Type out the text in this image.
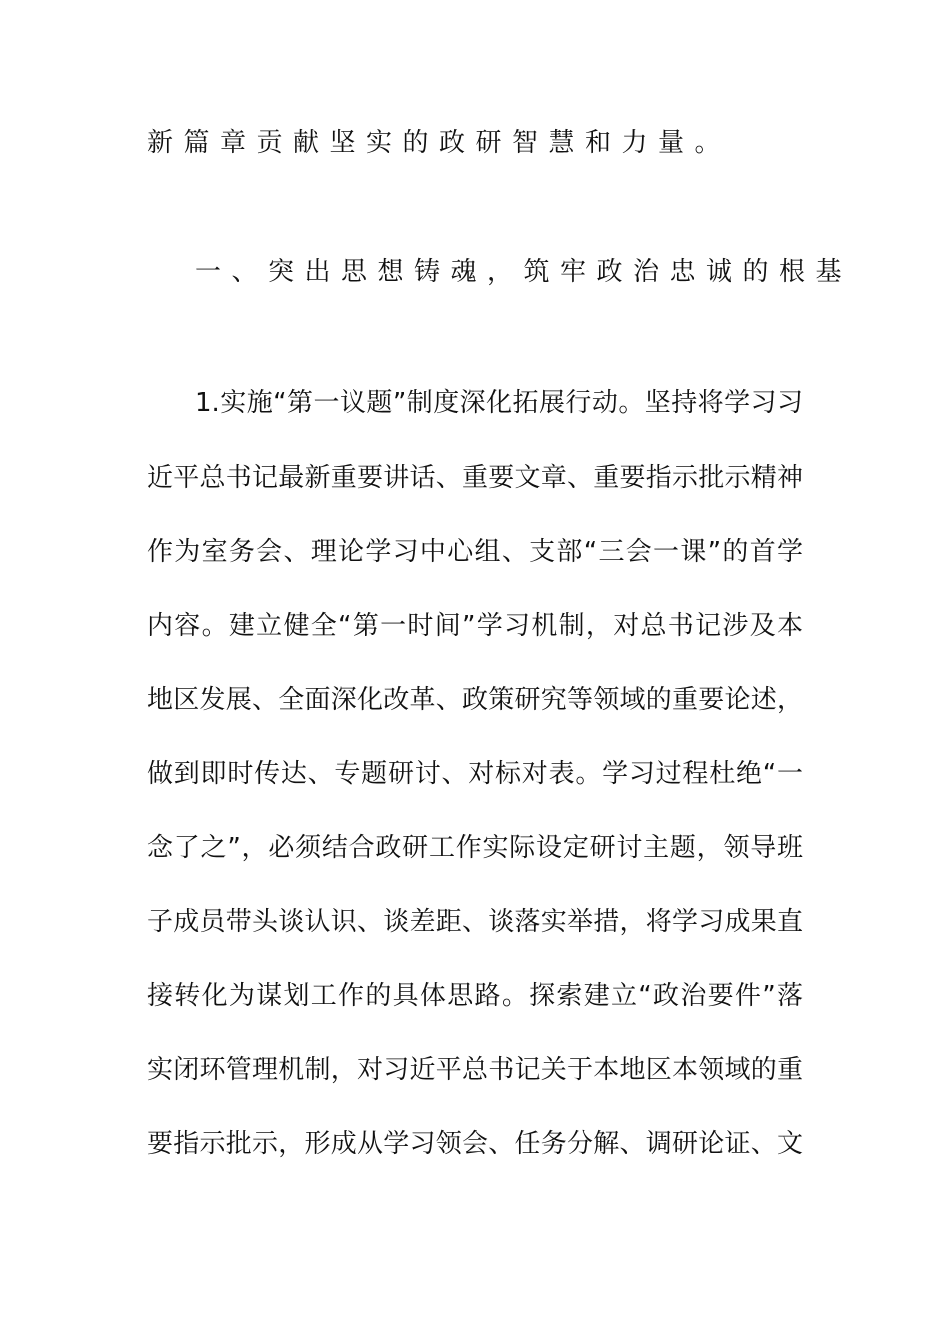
新篇章贡献坚实的政研智慧和力量。
一、突出思想铸魂，筑牢政治忠诚的根基
1.实施“第一议题”制度深化拓展行动。坚持将学习习
近平总书记最新重要讲话、重要文章、重要指示批示精神
作为室务会、理论学习中心组、支部“三会一课”的首学
内容。建立健全“第一时间”学习机制，对总书记涉及本
地区发展、全面深化改革、政策研究等领域的重要论述，
做到即时传达、专题研讨、对标对表。学习过程杜绝“一
念了之”，必须结合政研工作实际设定研讨主题，领导班
子成员带头谈认识、谈差距、谈落实举措，将学习成果直
接转化为谋划工作的具体思路。探索建立“政治要件”落
实闭环管理机制，对习近平总书记关于本地区本领域的重
要指示批示，形成从学习领会、任务分解、调研论证、文
